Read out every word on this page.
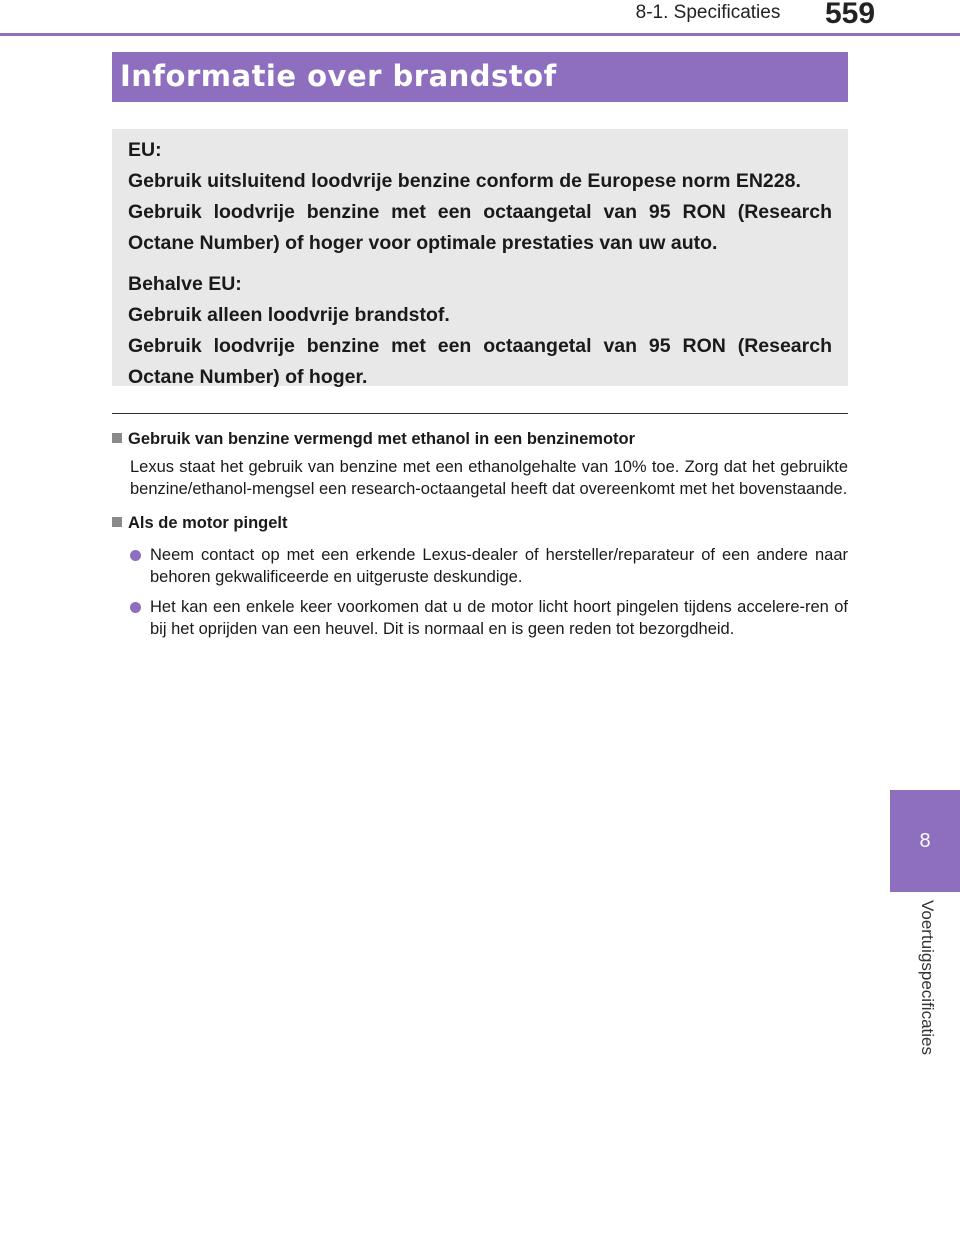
8-1. Specificaties	559
Informatie over brandstof

EU:

Gebruik uitsluitend loodvrije benzine conform de Europese norm EN228.

Gebruik loodvrije benzine met een octaangetal van 95 RON (Research Octane Number) of hoger voor optimale prestaties van uw auto.

Behalve EU:

Gebruik alleen loodvrije brandstof.

Gebruik loodvrije benzine met een octaangetal van 95 RON (Research Octane Number) of hoger.

Gebruik van benzine vermengd met ethanol in een benzinemotor

Lexus staat het gebruik van benzine met een ethanolgehalte van 10% toe. Zorg dat het gebruikte benzine/ethanol-mengsel een research-octaangetal heeft dat overeenkomt met het bovenstaande.

Als de motor pingelt

Neem contact op met een erkende Lexus-dealer of hersteller/reparateur of een andere naar behoren gekwalificeerde en uitgeruste deskundige.
Het kan een enkele keer voorkomen dat u de motor licht hoort pingelen tijdens accelere-ren of bij het oprijden van een heuvel. Dit is normaal en is geen reden tot bezorgdheid.
8
Voertuigspecificaties
